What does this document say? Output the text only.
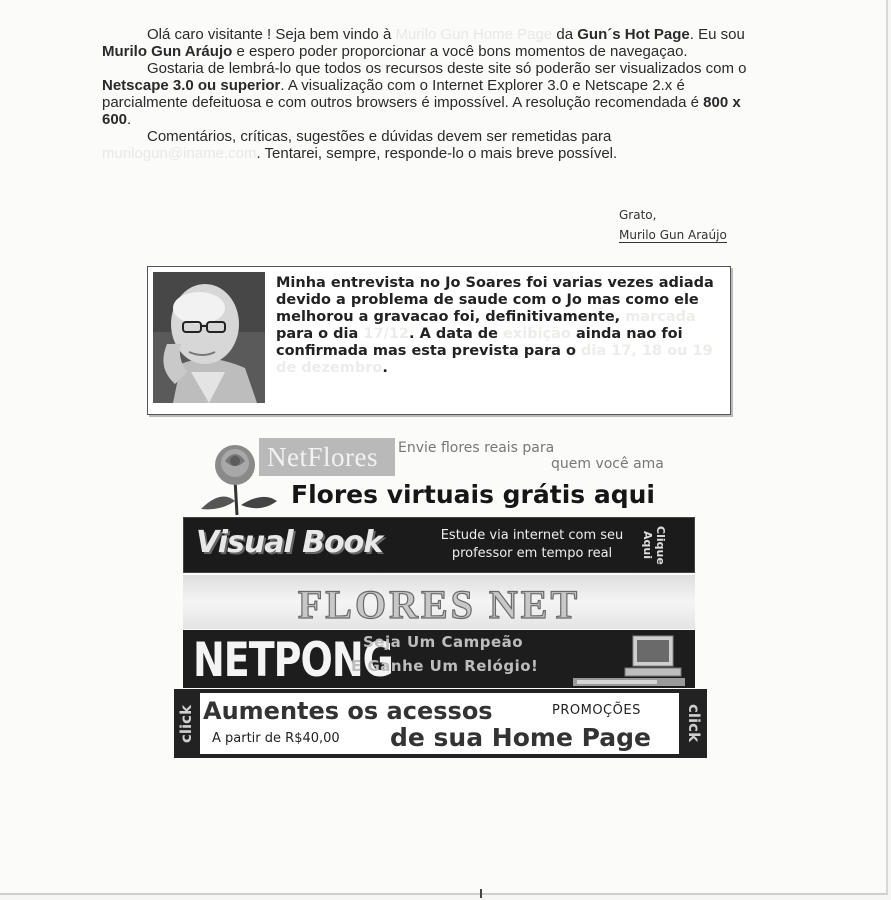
Olá caro visitante ! Seja bem vindo à Murilo Gun Home Page da Gun´s Hot Page. Eu sou Murilo Gun Aráujo e espero poder proporcionar a você bons momentos de navegaçao.

Gostaria de lembrá-lo que todos os recursos deste site só poderão ser visualizados com o Netscape 3.0 ou superior. A visualização com o Internet Explorer 3.0 e Netscape 2.x é parcialmente defeituosa e com outros browsers é impossível. A resolução recomendada é 800 x 600.

Comentários, críticas, sugestões e dúvidas devem ser remetidas para murilogun@iname.com. Tentarei, sempre, responde-lo o mais breve possível.

Grato,
Murilo Gun Araújo
Minha entrevista no Jo Soares foi varias vezes adiada devido a problema de saude com o Jo mas como ele melhorou a gravacao foi, definitivamente, marcada para o dia 17/12. A data de exibição ainda nao foi confirmada mas esta prevista para o dia 17, 18 ou 19 de dezembro.
NetFlores Envie flores reais para
quem você ama
Flores virtuais grátis aqui
Visual Book	Estude via internet com seu
professor em tempo real	Clique Aqui
FLORES NET
NETPONG
Seja Um Campeão
E Ganhe Um Relógio!
click Aumentes os acessos	PROMOÇÕES
A partir de R$40,00 de sua Home Page click
